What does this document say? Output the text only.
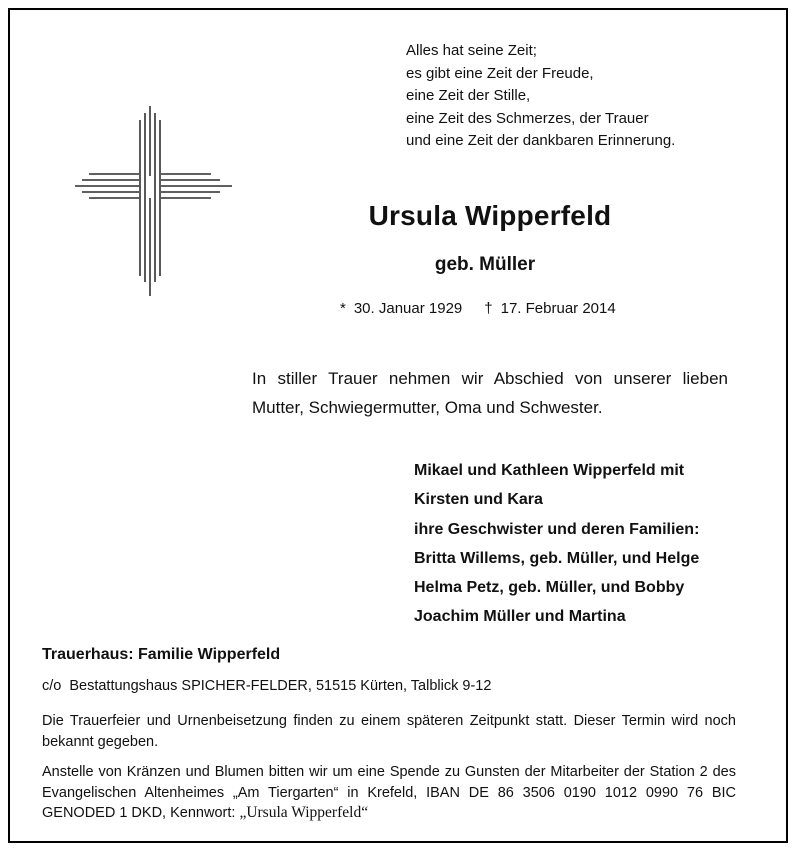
Alles hat seine Zeit;
es gibt eine Zeit der Freude,
eine Zeit der Stille,
eine Zeit des Schmerzes, der Trauer
und eine Zeit der dankbaren Erinnerung.
Ursula Wipperfeld
geb. Müller
* 30. Januar 1929 † 17. Februar 2014
In stiller Trauer nehmen wir Abschied von unserer lieben Mutter, Schwiegermutter, Oma und Schwester.
Mikael und Kathleen Wipperfeld mit
Kirsten und Kara
ihre Geschwister und deren Familien:
Britta Willems, geb. Müller, und Helge
Helma Petz, geb. Müller, und Bobby
Joachim Müller und Martina
Trauerhaus: Familie Wipperfeld
c/o Bestattungshaus SPICHER-FELDER, 51515 Kürten, Talblick 9-12
Die Trauerfeier und Urnenbeisetzung finden zu einem späteren Zeitpunkt statt. Dieser Termin wird noch bekannt gegeben.
Anstelle von Kränzen und Blumen bitten wir um eine Spende zu Gunsten der Mitarbeiter der Station 2 des Evangelischen Altenheimes „Am Tiergarten“ in Krefeld, IBAN DE 86 3506 0190 1012 0990 76 BIC GENODED 1 DKD, Kennwort: „Ursula Wipperfeld“
